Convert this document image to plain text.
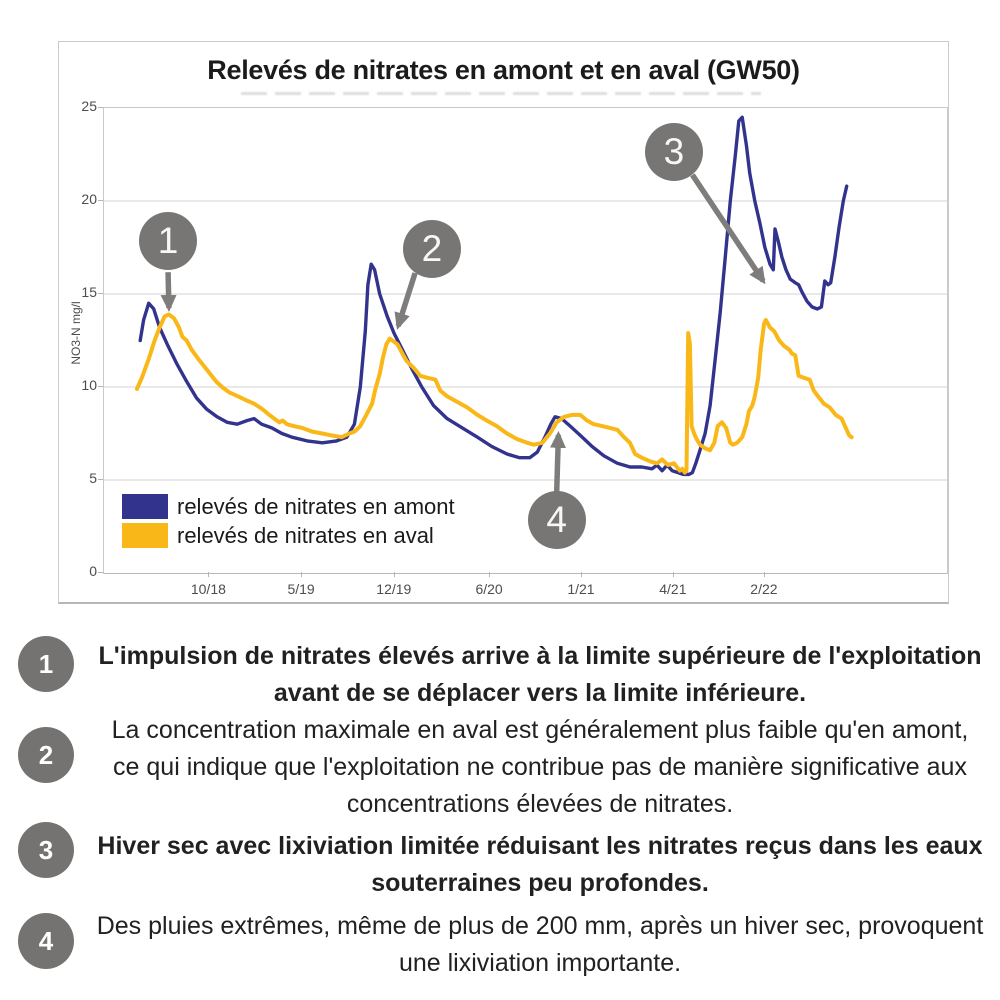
Relevés de nitrates en amont et en aval (GW50)
NO3-N mg/l
relevés de nitrates en amont
relevés de nitrates en aval
1	2
3
4
0
5
10
15
20
25
10/18	5/19	12/19	6/20	1/21	4/21	2/22
1	L'impulsion de nitrates élevés arrive à la limite supérieure de l'exploitation avant de se déplacer vers la limite inférieure.
2
La concentration maximale en aval est généralement plus faible qu'en amont, ce qui indique que l'exploitation ne contribue pas de manière significative aux concentrations élevées de nitrates.
3	Hiver sec avec lixiviation limitée réduisant les nitrates reçus dans les eaux souterraines peu profondes.
4	Des pluies extrêmes, même de plus de 200 mm, après un hiver sec, provoquent une lixiviation importante.
